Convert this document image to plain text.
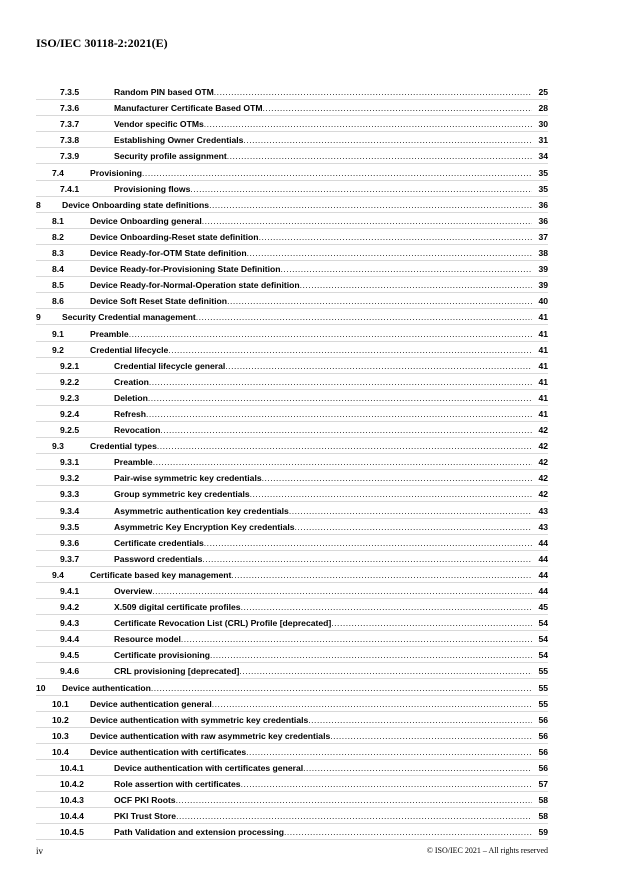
ISO/IEC 30118-2:2021(E)
7.3.5	Random PIN based OTM .....	25
7.3.6	Manufacturer Certificate Based OTM .....	28
7.3.7	Vendor specific OTMs .....	30
7.3.8	Establishing Owner Credentials .....	31
7.3.9	Security profile assignment .....	34
7.4	Provisioning .....	35
7.4.1	Provisioning flows .....	35
8 Device Onboarding state definitions .....	36
8.1	Device Onboarding general .....	36
8.2	Device Onboarding-Reset state definition .....	37
8.3	Device Ready-for-OTM State definition .....	38
8.4	Device Ready-for-Provisioning State Definition .....	39
8.5	Device Ready-for-Normal-Operation state definition .....	39
8.6	Device Soft Reset State definition .....	40
9 Security Credential management .....	41
9.1	Preamble .....	41
9.2	Credential lifecycle .....	41
9.2.1	Credential lifecycle general .....	41
9.2.2	Creation .....	41
9.2.3	Deletion .....	41
9.2.4	Refresh .....	41
9.2.5	Revocation .....	42
9.3	Credential types .....	42
9.3.1	Preamble .....	42
9.3.2	Pair-wise symmetric key credentials .....	42
9.3.3	Group symmetric key credentials .....	42
9.3.4	Asymmetric authentication key credentials .....	43
9.3.5	Asymmetric Key Encryption Key credentials .....	43
9.3.6	Certificate credentials .....	44
9.3.7	Password credentials .....	44
9.4	Certificate based key management .....	44
9.4.1	Overview .....	44
9.4.2	X.509 digital certificate profiles .....	45
9.4.3	Certificate Revocation List (CRL) Profile [deprecated] .....	54
9.4.4	Resource model .....	54
9.4.5	Certificate provisioning .....	54
9.4.6	CRL provisioning [deprecated] .....	55
10 Device authentication .....	55
10.1 Device authentication general .....	55
10.2 Device authentication with symmetric key credentials .....	56
10.3 Device authentication with raw asymmetric key credentials .....	56
10.4 Device authentication with certificates .....	56
10.4.1	Device authentication with certificates general .....	56
10.4.2	Role assertion with certificates .....	57
10.4.3	OCF PKI Roots .....	58
10.4.4	PKI Trust Store .....	58
10.4.5	Path Validation and extension processing .....	59
iv	© ISO/IEC 2021 – All rights reserved
